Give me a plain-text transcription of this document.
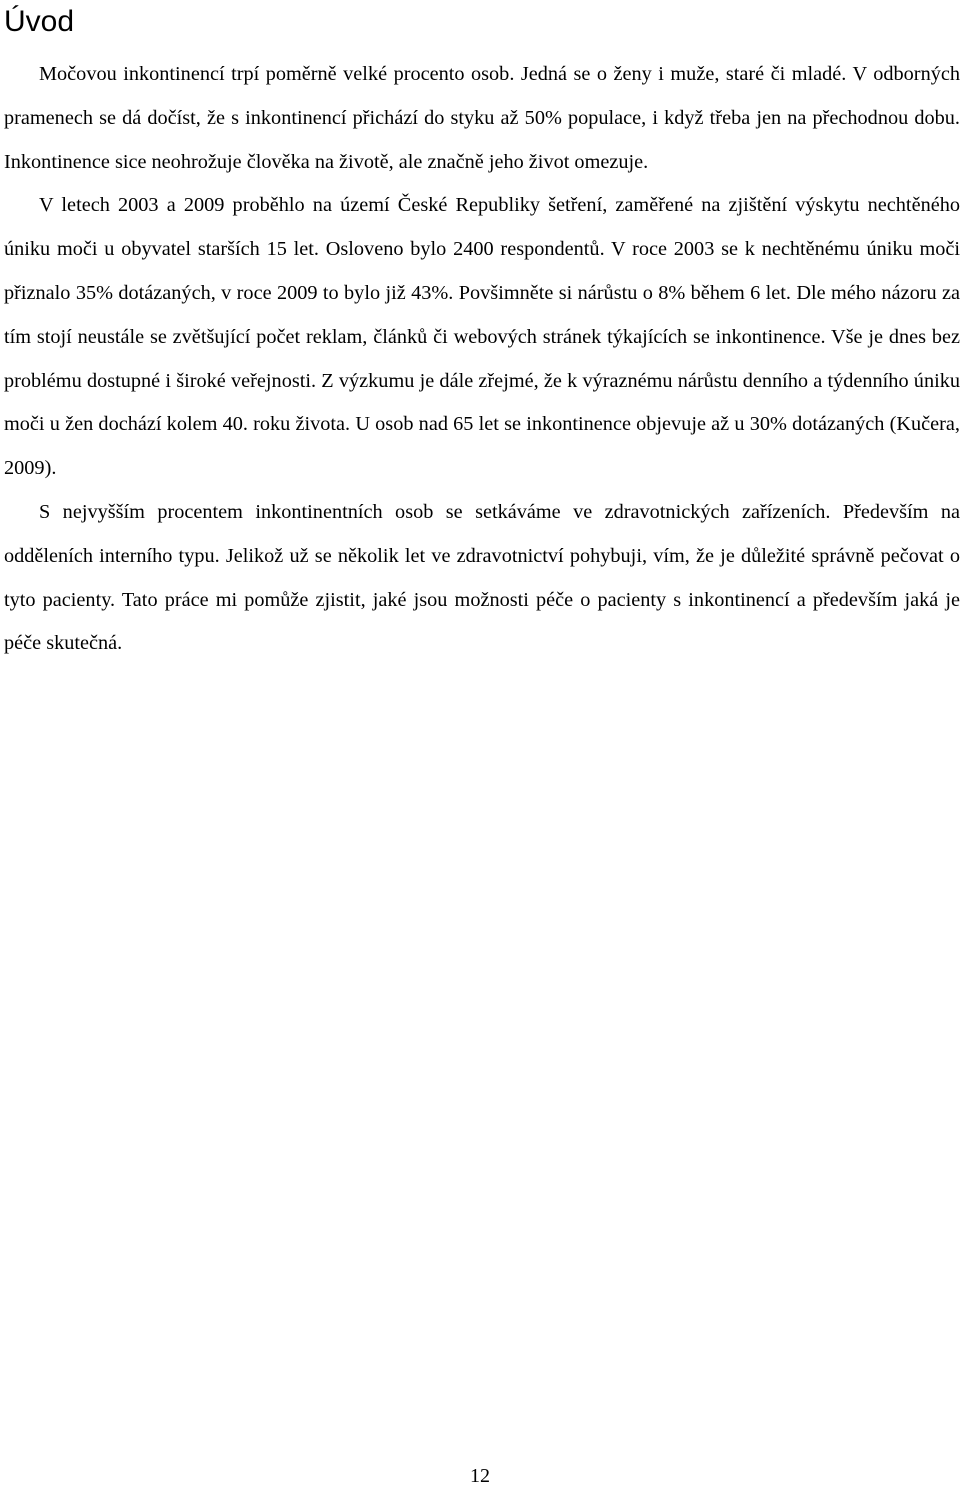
Úvod

Močovou inkontinencí trpí poměrně velké procento osob. Jedná se o ženy i muže, staré či mladé. V odborných pramenech se dá dočíst, že s inkontinencí přichází do styku až 50% populace, i když třeba jen na přechodnou dobu. Inkontinence sice neohrožuje člověka na životě, ale značně jeho život omezuje.

V letech 2003 a 2009 proběhlo na území České Republiky šetření, zaměřené na zjištění výskytu nechtěného úniku moči u obyvatel starších 15 let. Osloveno bylo 2400 respondentů. V roce 2003 se k nechtěnému úniku moči přiznalo 35% dotázaných, v roce 2009 to bylo již 43%. Povšimněte si nárůstu o 8% během 6 let. Dle mého názoru za tím stojí neustále se zvětšující počet reklam, článků či webových stránek týkajících se inkontinence. Vše je dnes bez problému dostupné i široké veřejnosti. Z výzkumu je dále zřejmé, že k výraznému nárůstu denního a týdenního úniku moči u žen dochází kolem 40. roku života. U osob nad 65 let se inkontinence objevuje až u 30% dotázaných (Kučera, 2009).

S nejvyšším procentem inkontinentních osob se setkáváme ve zdravotnických zařízeních. Především na odděleních interního typu. Jelikož už se několik let ve zdravotnictví pohybuji, vím, že je důležité správně pečovat o tyto pacienty. Tato práce mi pomůže zjistit, jaké jsou možnosti péče o pacienty s inkontinencí a především jaká je péče skutečná.

12
